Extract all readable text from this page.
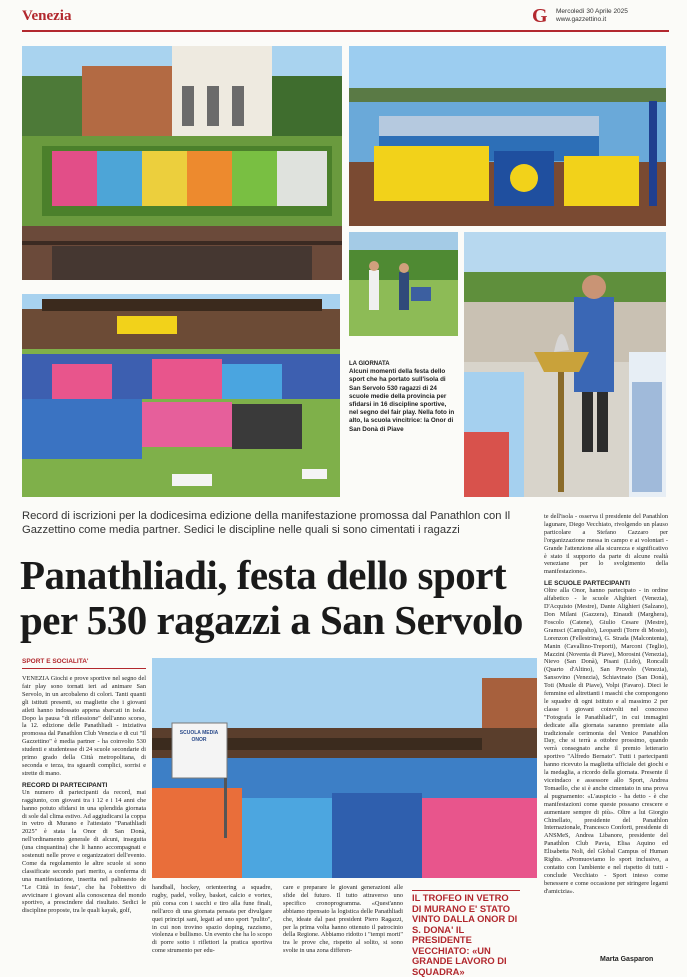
Venezia	G	Mercoledì 30 Aprile 2025
www.gazzettino.it
LA GIORNATA

Alcuni momenti della festa dello sport che ha portato sull'isola di San Servolo 530 ragazzi di 24 scuole medie della provincia per sfidarsi in 16 discipline sportive, nel segno del fair play. Nella foto in alto, la scuola vincitrice: la Onor di San Donà di Piave

Record di iscrizioni per la dodicesima edizione della manifestazione promossa dal Panathlon con Il Gazzettino come media partner. Sedici le discipline nelle quali si sono cimentati i ragazzi
Panathliadi, festa dello sport
per 530 ragazzi a San Servolo
SPORT E SOCIALITA'
VENEZIA Giochi e prove sportive nel segno del fair play sono tornati ieri ad animare San Servolo, in un arcobaleno di colori. Tanti quanti gli istituti presenti, su magliette che i giovani atleti hanno indossato appena sbarcati in isola. Dopo la pausa "di riflessione" dell'anno scorso, la 12. edizione delle Panathliadi - iniziativa promossa dal Panathlon Club Venezia e di cui "Il Gazzettino" è media partner - ha coinvolto 530 studenti e studentesse di 24 scuole secondarie di primo grado della Città metropolitana, di seconda e terza, tra sguardi complici, sorrisi e strette di mano.
RECORD DI PARTECIPANTI
Un numero di partecipanti da record, mai raggiunto, con giovani tra i 12 e i 14 anni che hanno potuto sfidarsi in una splendida giornata di sole dal clima estivo. Ad aggiudicarsi la coppa in vetro di Murano e l'attestato "Panathliadi 2025" è stata la Onor di San Donà, nell'ordinamento generale di alcuni, inseguita (una cinquantina) che li hanno accompagnati e sostenuti nelle prove e organizzatori dell'evento. Come da regolamento le altre scuole si sono classificate secondo pari merito, a conferma di una manifestazione, inserita nel palinsesto de "Le Città in festa", che ha l'obiettivo di avvicinare i giovani alla conoscenza del mondo sportivo, a prescindere dal risultato. Sedici le discipline proposte, tra le quali kayak, golf,
SCUOLA MEDIA ONOR
handball, hockey, orienteering a squadre, rugby, padel, volley, basket, calcio e vortex, più corsa con i sacchi e tiro alla fune finali, nell'arco di una giornata pensata per divulgare quei principi sani, legati ad uno sport "pulito", in cui non trovino spazio doping, razzismo, violenza e bullismo. Un evento che ha lo scopo di porre sotto i riflettori la pratica sportiva come strumento per edu-
care e preparare le giovani generazioni alle sfide del futuro. Il tutto attraverso uno specifico cronoprogramma. «Quest'anno abbiamo ripensato la logistica delle Panathliadi che, ideate dal past president Piero Ragazzi, per la prima volta hanno ottenuto il patrocinio della Regione. Abbiamo ridotto i "tempi morti" tra le prove che, rispetto al solito, si sono svolte in una zona differen-
IL TROFEO IN VETRO DI MURANO E' STATO VINTO DALLA ONOR DI S. DONA' IL PRESIDENTE VECCHIATO: «UN GRANDE LAVORO DI SQUADRA»
te dell'isola - osserva il presidente del Panathlon lagunare, Diego Vecchiato, rivolgendo un plauso particolare a Stefano Cazzaro per l'organizzazione messa in campo e ai volontari - Grande l'attenzione alla sicurezza e significativo è stato il supporto da parte di alcune realtà veneziane per lo svolgimento della manifestazione».
LE SCUOLE PARTECIPANTI
Oltre alla Onor, hanno partecipato - in ordine alfabetico - le scuole Alighieri (Venezia), D'Acquisto (Mestre), Dante Alighieri (Salzano), Don Milani (Gazzera), Einaudi (Marghera), Foscolo (Catene), Giulio Cesare (Mestre), Gramsci (Campalto), Leopardi (Torre di Mosto), Lorenzon (Fellestrina), G. Strada (Malcontenta), Manin (Cavallino-Treporti), Marconi (Teglio), Mazzini (Noventa di Piave), Morosini (Venezia), Nievo (San Donà), Pisani (Lido), Roncalli (Quarto d'Altino), San Provolo (Venezia), Sansovino (Venezia), Schiavinato (San Donà), Toti (Musile di Piave), Volpi (Favaro). Dieci le femmine ed altrettanti i maschi che compongono le squadre di ogni istituto e al massimo 2 per classe i giovani coinvolti nel concorso "Fotografa le Panathliadi", in cui immagini dedicate alla giornata saranno premiate alla tradizionale cerimonia del Venice Panathlon Day, che si terrà a ottobre prossimo, quando verrà consegnato anche il premio letterario sportivo "Alfredo Bernato". Tutti i partecipanti hanno ricevuto la maglietta ufficiale dei giochi e la medaglia, a ricordo della giornata. Presente il viceindaco e assessore allo Sport, Andrea Tomaello, che si è anche cimentato in una prova al pugnamento: «L'auspicio - ha detto - è che manifestazioni come queste possano crescere e aumentare sempre di più». Oltre a lui Giorgio Chinellato, presidente del Panathlon Internazionale, Francesco Conforti, presidente di ANSMeS, Andrea Libanore, presidente del Panathlon Club Pavia, Elisa Aquino ed Elisabetta Noli, del Global Campus of Human Rights. «Promuoviamo lo sport inclusivo, a contatto con l'ambiente e nel rispetto di tutti - conclude Vecchiato - Sport inteso come benessere e come occasione per stringere legami d'amicizia».
Marta Gasparon
